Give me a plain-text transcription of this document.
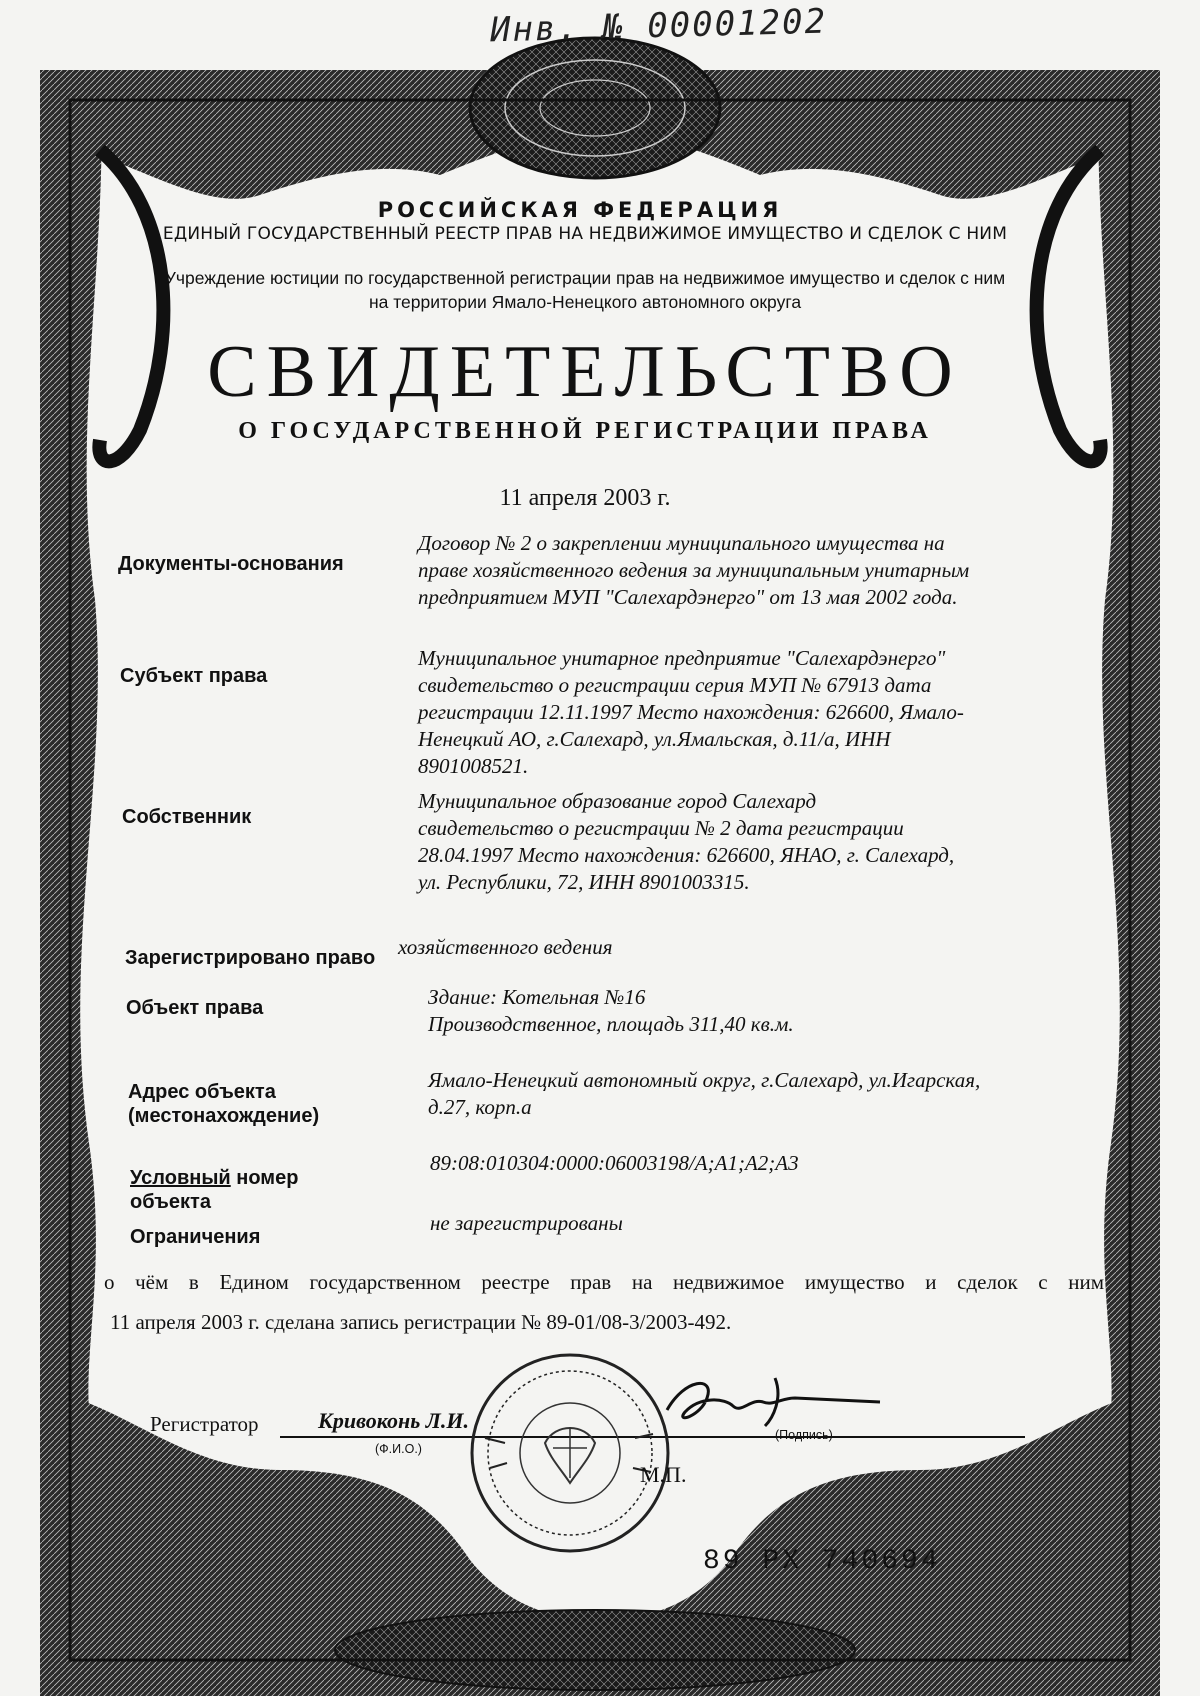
Инв. № 00001202
РОССИЙСКАЯ ФЕДЕРАЦИЯ
ЕДИНЫЙ ГОСУДАРСТВЕННЫЙ РЕЕСТР ПРАВ НА НЕДВИЖИМОЕ ИМУЩЕСТВО И СДЕЛОК С НИМ
Учреждение юстиции по государственной регистрации прав на недвижимое имущество и сделок с ним
на территории Ямало-Ненецкого автономного округа
СВИДЕТЕЛЬСТВО
О ГОСУДАРСТВЕННОЙ РЕГИСТРАЦИИ ПРАВА
11 апреля 2003 г.
Документы-основания
Договор № 2 о закреплении муниципального имущества на
праве хозяйственного ведения за муниципальным унитарным
предприятием МУП "Салехардэнерго" от 13 мая 2002 года.
Субъект права
Муниципальное унитарное предприятие "Салехардэнерго"
свидетельство о регистрации серия МУП № 67913 дата
регистрации 12.11.1997 Место нахождения: 626600, Ямало-
Ненецкий АО, г.Салехард, ул.Ямальская, д.11/а, ИНН
8901008521.
Собственник
Муниципальное образование город Салехард
свидетельство о регистрации № 2 дата регистрации
28.04.1997 Место нахождения: 626600, ЯНАО, г. Салехард,
ул. Республики, 72, ИНН 8901003315.
Зарегистрировано право хозяйственного ведения
Объект права	Здание: Котельная №16
Производственное, площадь 311,40 кв.м.
Адрес объекта
(местонахождение)
Ямало-Ненецкий автономный округ, г.Салехард, ул.Игарская,
д.27, корп.а
Условный номер
объекта
89:08:010304:0000:06003198/А;А1;А2;А3
Ограничения
не зарегистрированы
о чём в Едином государственном реестре прав на недвижимое имущество и сделок с ним
11 апреля 2003 г. сделана запись регистрации № 89-01/08-3/2003-492.
Регистратор	Кривоконь Л.И.
(Ф.И.О.)
(Подпись)
М.П.
89 РХ 740694
